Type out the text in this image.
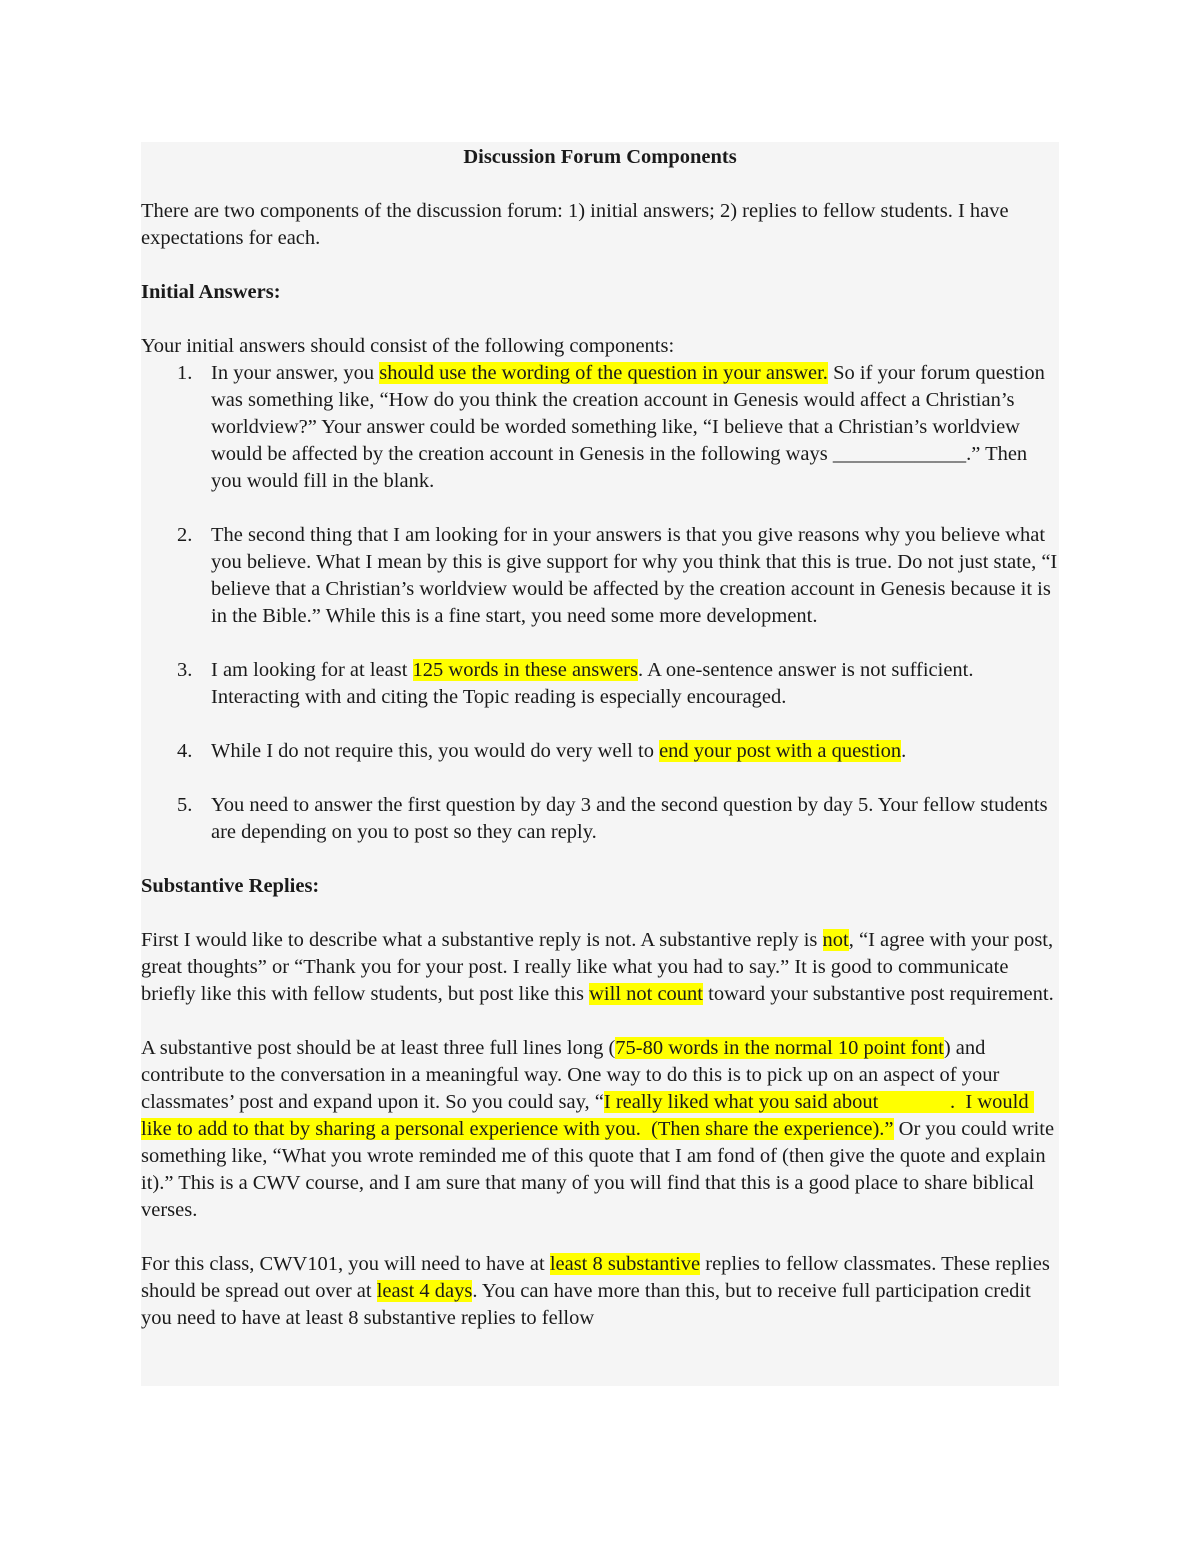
Discussion Forum Components

There are two components of the discussion forum: 1) initial answers; 2) replies to fellow students. I have expectations for each.

Initial Answers:

Your initial answers should consist of the following components:

1. In your answer, you should use the wording of the question in your answer. So if your forum question was something like, “How do you think the creation account in Genesis would affect a Christian’s worldview?” Your answer could be worded something like, “I believe that a Christian’s worldview would be affected by the creation account in Genesis in the following ways _____________.” Then you would fill in the blank.
2. The second thing that I am looking for in your answers is that you give reasons why you believe what you believe. What I mean by this is give support for why you think that this is true. Do not just state, “I believe that a Christian’s worldview would be affected by the creation account in Genesis because it is in the Bible.” While this is a fine start, you need some more development.
3. I am looking for at least 125 words in these answers. A one-sentence answer is not sufficient. Interacting with and citing the Topic reading is especially encouraged.
4. While I do not require this, you would do very well to end your post with a question.
5. You need to answer the first question by day 3 and the second question by day 5. Your fellow students are depending on you to post so they can reply.

Substantive Replies:

First I would like to describe what a substantive reply is not. A substantive reply is not, “I agree with your post, great thoughts” or “Thank you for your post. I really like what you had to say.” It is good to communicate briefly like this with fellow students, but post like this will not count toward your substantive post requirement.

A substantive post should be at least three full lines long (75-80 words in the normal 10 point font) and contribute to the conversation in a meaningful way. One way to do this is to pick up on an aspect of your classmates’ post and expand upon it. So you could say, “I really liked what you said about              .  I would like to add to that by sharing a personal experience with you.  (Then share the experience).” Or you could write something like, “What you wrote reminded me of this quote that I am fond of (then give the quote and explain it).” This is a CWV course, and I am sure that many of you will find that this is a good place to share biblical verses.

For this class, CWV101, you will need to have at least 8 substantive replies to fellow classmates. These replies should be spread out over at least 4 days. You can have more than this, but to receive full participation credit you need to have at least 8 substantive replies to fellow
